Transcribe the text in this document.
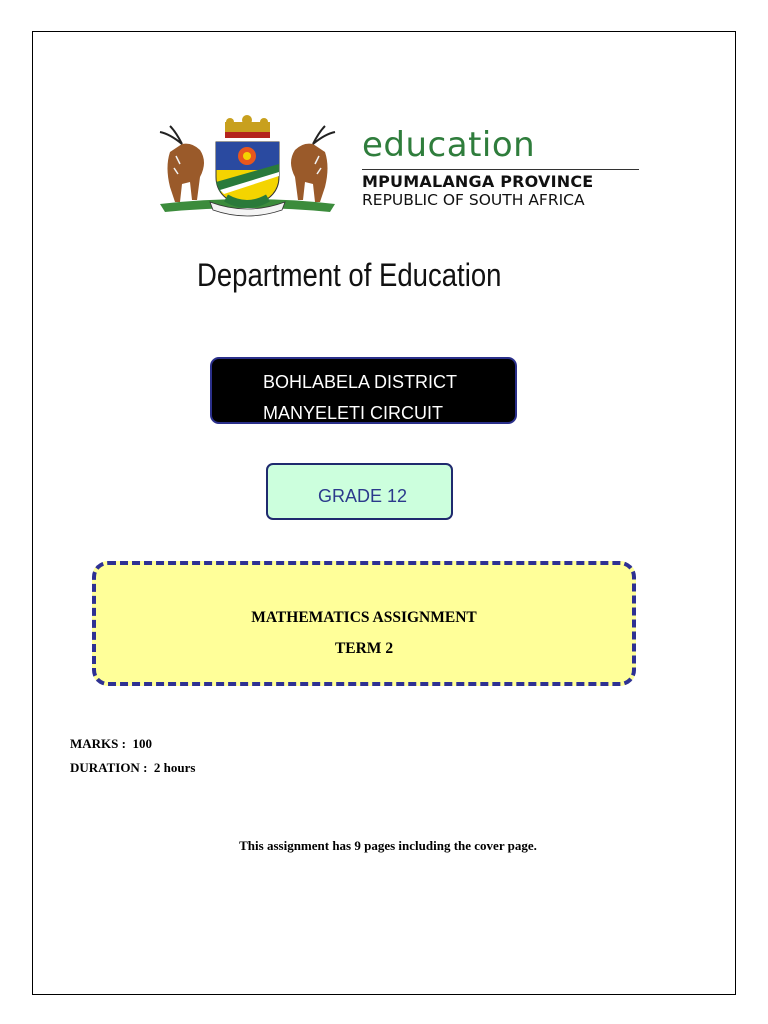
education
MPUMALANGA PROVINCE
REPUBLIC OF SOUTH AFRICA
Department of Education
BOHLABELA DISTRICT
MANYELETI CIRCUIT
GRADE 12
MATHEMATICS ASSIGNMENT
TERM 2
MARKS :  100
DURATION :  2 hours
This assignment has 9 pages including the cover page.
